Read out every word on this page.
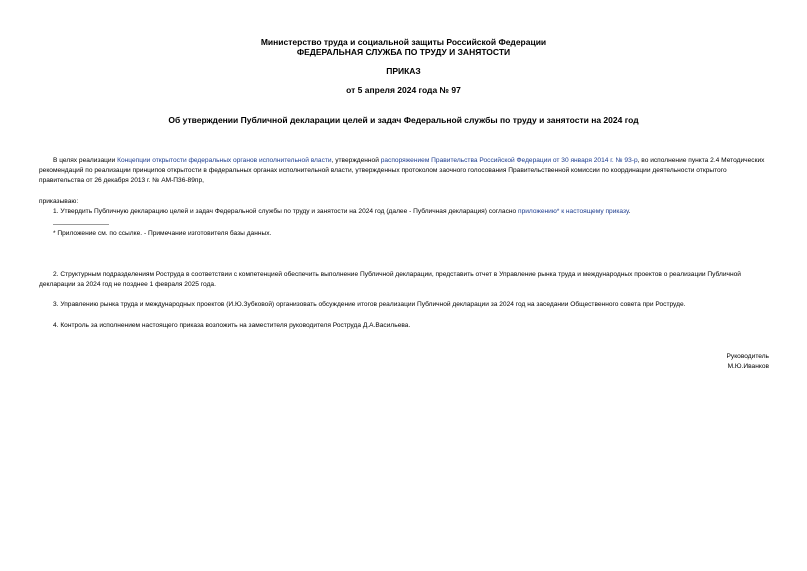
Министерство труда и социальной защиты Российской Федерации
ФЕДЕРАЛЬНАЯ СЛУЖБА ПО ТРУДУ И ЗАНЯТОСТИ
ПРИКАЗ
от 5 апреля 2024 года № 97
Об утверждении Публичной декларации целей и задач Федеральной службы по труду и занятости на 2024 год
В целях реализации Концепции открытости федеральных органов исполнительной власти, утвержденной распоряжением Правительства Российской Федерации от 30 января 2014 г. № 93-р, во исполнение пункта 2.4 Методических рекомендаций по реализации принципов открытости в федеральных органах исполнительной власти, утвержденных протоколом заочного голосования Правительственной комиссии по координации деятельности открытого правительства от 26 декабря 2013 г. № АМ-П36-89пр,
приказываю:
1. Утвердить Публичную декларацию целей и задач Федеральной службы по труду и занятости на 2024 год (далее - Публичная декларация) согласно приложению* к настоящему приказу.
* Приложение см. по ссылке. - Примечание изготовителя базы данных.
2. Структурным подразделениям Роструда в соответствии с компетенцией обеспечить выполнение Публичной декларации, представить отчет в Управление рынка труда и международных проектов о реализации Публичной декларации за 2024 год не позднее 1 февраля 2025 года.
3. Управлению рынка труда и международных проектов (И.Ю.Зубковой) организовать обсуждение итогов реализации Публичной декларации за 2024 год на заседании Общественного совета при Роструде.
4. Контроль за исполнением настоящего приказа возложить на заместителя руководителя Роструда Д.А.Васильева.
Руководитель
М.Ю.Иванков
